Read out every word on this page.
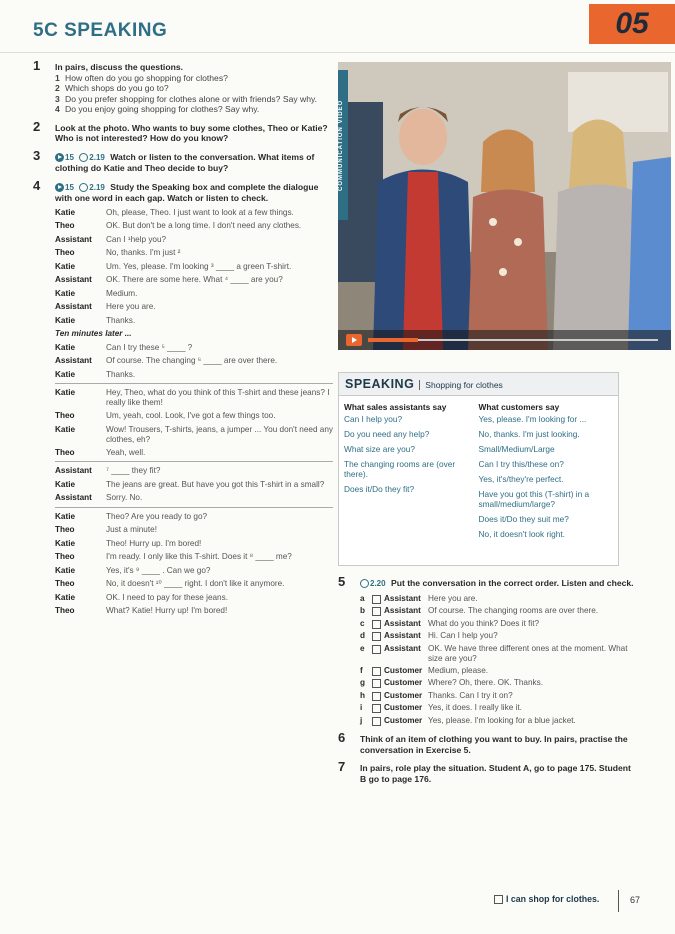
5C SPEAKING	05
1 In pairs, discuss the questions.
1 How often do you go shopping for clothes?
2 Which shops do you go to?
3 Do you prefer shopping for clothes alone or with friends? Say why.
4 Do you enjoy going shopping for clothes? Say why.
2 Look at the photo. Who wants to buy some clothes, Theo or Katie? Who is not interested? How do you know?
3	15 2.19 Watch or listen to the conversation. What items of clothing do Katie and Theo decide to buy?
4	15 2.19 Study the Speaking box and complete the dialogue with one word in each gap. Watch or listen to check.
Katie	Oh, please, Theo. I just want to look at a few things.
Theo	OK. But don't be a long time. I don't need any clothes.
Assistant	Can I ¹help you?
Theo	No, thanks. I'm just ²
Katie	Um. Yes, please. I'm looking ³ ____ a green T-shirt.
Assistant	OK. There are some here. What ⁴ ____ are you?
Katie	Medium.
Assistant	Here you are.
Katie	Thanks.
Ten minutes later ...
Katie	Can I try these ⁵ ____ ?
Assistant	Of course. The changing ⁶ ____ are over there.
Katie	Thanks.
Katie	Hey, Theo, what do you think of this T-shirt and these jeans? I really like them!
Theo	Um, yeah, cool. Look, I've got a few things too.
Katie	Wow! Trousers, T-shirts, jeans, a jumper ... You don't need any clothes, eh?
Theo	Yeah, well.
Assistant	⁷ ____ they fit?
Katie	The jeans are great. But have you got this T-shirt in a small?
Assistant	Sorry. No.
Katie	Theo? Are you ready to go?
Theo	Just a minute!
Katie	Theo! Hurry up. I'm bored!
Theo	I'm ready. I only like this T-shirt. Does it ⁸ ____ me?
Katie	Yes, it's ⁹ ____ . Can we go?
Theo	No, it doesn't ¹⁰ ____ right. I don't like it anymore.
Katie	OK. I need to pay for these jeans.
Theo	What? Katie! Hurry up! I'm bored!
COMMUNICATION VIDEO
SPEAKING Shopping for clothes
What sales assistants say
Can I help you?
Do you need any help?
What size are you?
The changing rooms are (over there).
Does it/Do they fit?
What customers say
Yes, please. I'm looking for ...
No, thanks. I'm just looking.
Small/Medium/Large
Can I try this/these on?
Yes, it's/they're perfect.
Have you got this (T-shirt) in a small/medium/large?
Does it/Do they suit me?
No, it doesn't look right.
5	2.20 Put the conversation in the correct order. Listen and check.
a	Assistant Here you are.
b	Assistant Of course. The changing rooms are over there.
c	Assistant What do you think? Does it fit?
d	Assistant Hi. Can I help you?
e	Assistant OK. We have three different ones at the moment. What size are you?
f	Customer Medium, please.
g	Customer Where? Oh, there. OK. Thanks.
h	Customer Thanks. Can I try it on?
i	Customer Yes, it does. I really like it.
j	Customer Yes, please. I'm looking for a blue jacket.
6 Think of an item of clothing you want to buy. In pairs, practise the conversation in Exercise 5.
7 In pairs, role play the situation. Student A, go to page 175. Student B go to page 176.
I can shop for clothes.	67
